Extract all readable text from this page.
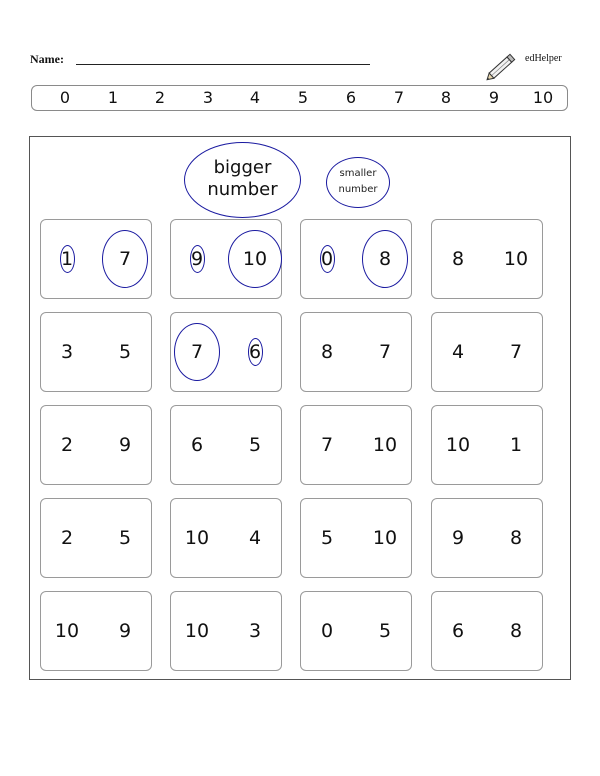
Name:	edHelper
0	1	2	3	4	5	6	7	8	9	10
bigger
number
smaller
number
1	7	9	10	0	8	8	10
3	5	7	6	8	7	4	7
2	9	6	5	7	10	10	1
2	5	10	4	5	10	9	8
10	9	10	3	0	5	6	8
